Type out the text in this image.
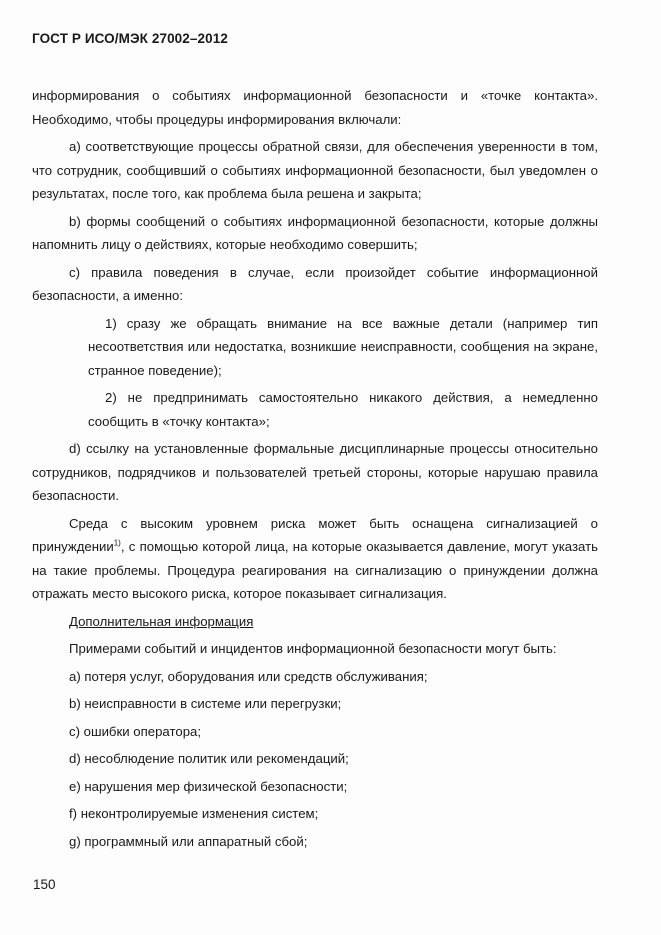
ГОСТ Р ИСО/МЭК 27002–2012

информирования о событиях информационной безопасности и «точке контакта».
Необходимо, чтобы процедуры информирования включали:

a) соответствующие процессы обратной связи, для обеспечения уверенности в том, что сотрудник, сообщивший о событиях информационной безопасности, был уведомлен о результатах, после того, как проблема была решена и закрыта;

b) формы сообщений о событиях информационной безопасности, которые должны напомнить лицу о действиях, которые необходимо совершить;

c) правила поведения в случае, если произойдет событие информационной безопасности, а именно:

1) сразу же обращать внимание на все важные детали (например тип несоответствия или недостатка, возникшие неисправности, сообщения на экране, странное поведение);

2) не предпринимать самостоятельно никакого действия, а немедленно сообщить в «точку контакта»;

d) ссылку на установленные формальные дисциплинарные процессы относительно сотрудников, подрядчиков и пользователей третьей стороны, которые нарушаю правила безопасности.

Среда с высоким уровнем риска может быть оснащена сигнализацией о принуждении$^{1)}$, с помощью которой лица, на которые оказывается давление, могут указать на такие проблемы. Процедура реагирования на сигнализацию о принуждении должна отражать место высокого риска, которое показывает сигнализация.

Дополнительная информация

Примерами событий и инцидентов информационной безопасности могут быть:

a) потеря услуг, оборудования или средств обслуживания;
b) неисправности в системе или перегрузки;
c) ошибки оператора;
d) несоблюдение политик или рекомендаций;
e) нарушения мер физической безопасности;
f) неконтролируемые изменения систем;
g) программный или аппаратный сбой;
150
